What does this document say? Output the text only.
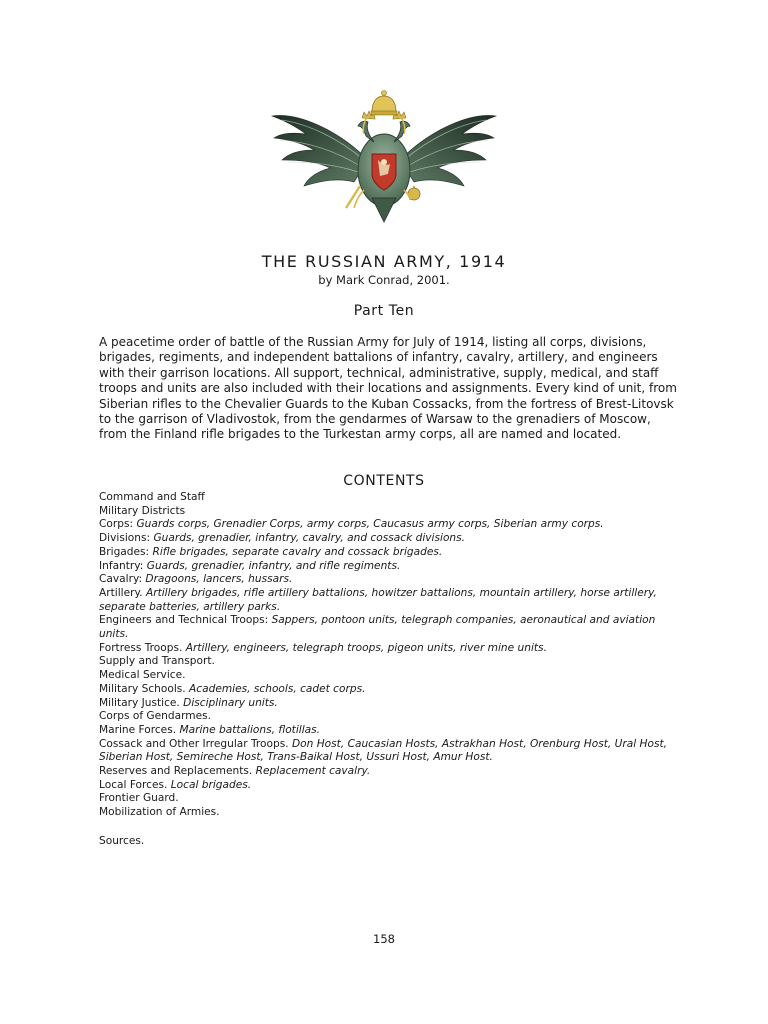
THE RUSSIAN ARMY, 1914
by Mark Conrad, 2001.
Part Ten

A peacetime order of battle of the Russian Army for July of 1914, listing all corps, divisions, brigades, regiments, and independent battalions of infantry, cavalry, artillery, and engineers with their garrison locations. All support, technical, administrative, supply, medical, and staff troops and units are also included with their locations and assignments. Every kind of unit, from Siberian rifles to the Chevalier Guards to the Kuban Cossacks, from the fortress of Brest-Litovsk to the garrison of Vladivostok, from the gendarmes of Warsaw to the grenadiers of Moscow, from the Finland rifle brigades to the Turkestan army corps, all are named and located.

CONTENTS
Command and Staff
Military Districts
Corps: Guards corps, Grenadier Corps, army corps, Caucasus army corps, Siberian army corps.
Divisions: Guards, grenadier, infantry, cavalry, and cossack divisions.
Brigades: Rifle brigades, separate cavalry and cossack brigades.
Infantry: Guards, grenadier, infantry, and rifle regiments.
Cavalry: Dragoons, lancers, hussars.
Artillery. Artillery brigades, rifle artillery battalions, howitzer battalions, mountain artillery, horse artillery, separate batteries, artillery parks.
Engineers and Technical Troops: Sappers, pontoon units, telegraph companies, aeronautical and aviation units.
Fortress Troops. Artillery, engineers, telegraph troops, pigeon units, river mine units.
Supply and Transport.
Medical Service.
Military Schools. Academies, schools, cadet corps.
Military Justice. Disciplinary units.
Corps of Gendarmes.
Marine Forces. Marine battalions, flotillas.
Cossack and Other Irregular Troops. Don Host, Caucasian Hosts, Astrakhan Host, Orenburg Host, Ural Host, Siberian Host, Semireche Host, Trans-Baikal Host, Ussuri Host, Amur Host.
Reserves and Replacements. Replacement cavalry.
Local Forces. Local brigades.
Frontier Guard.
Mobilization of Armies.
Sources.
158
